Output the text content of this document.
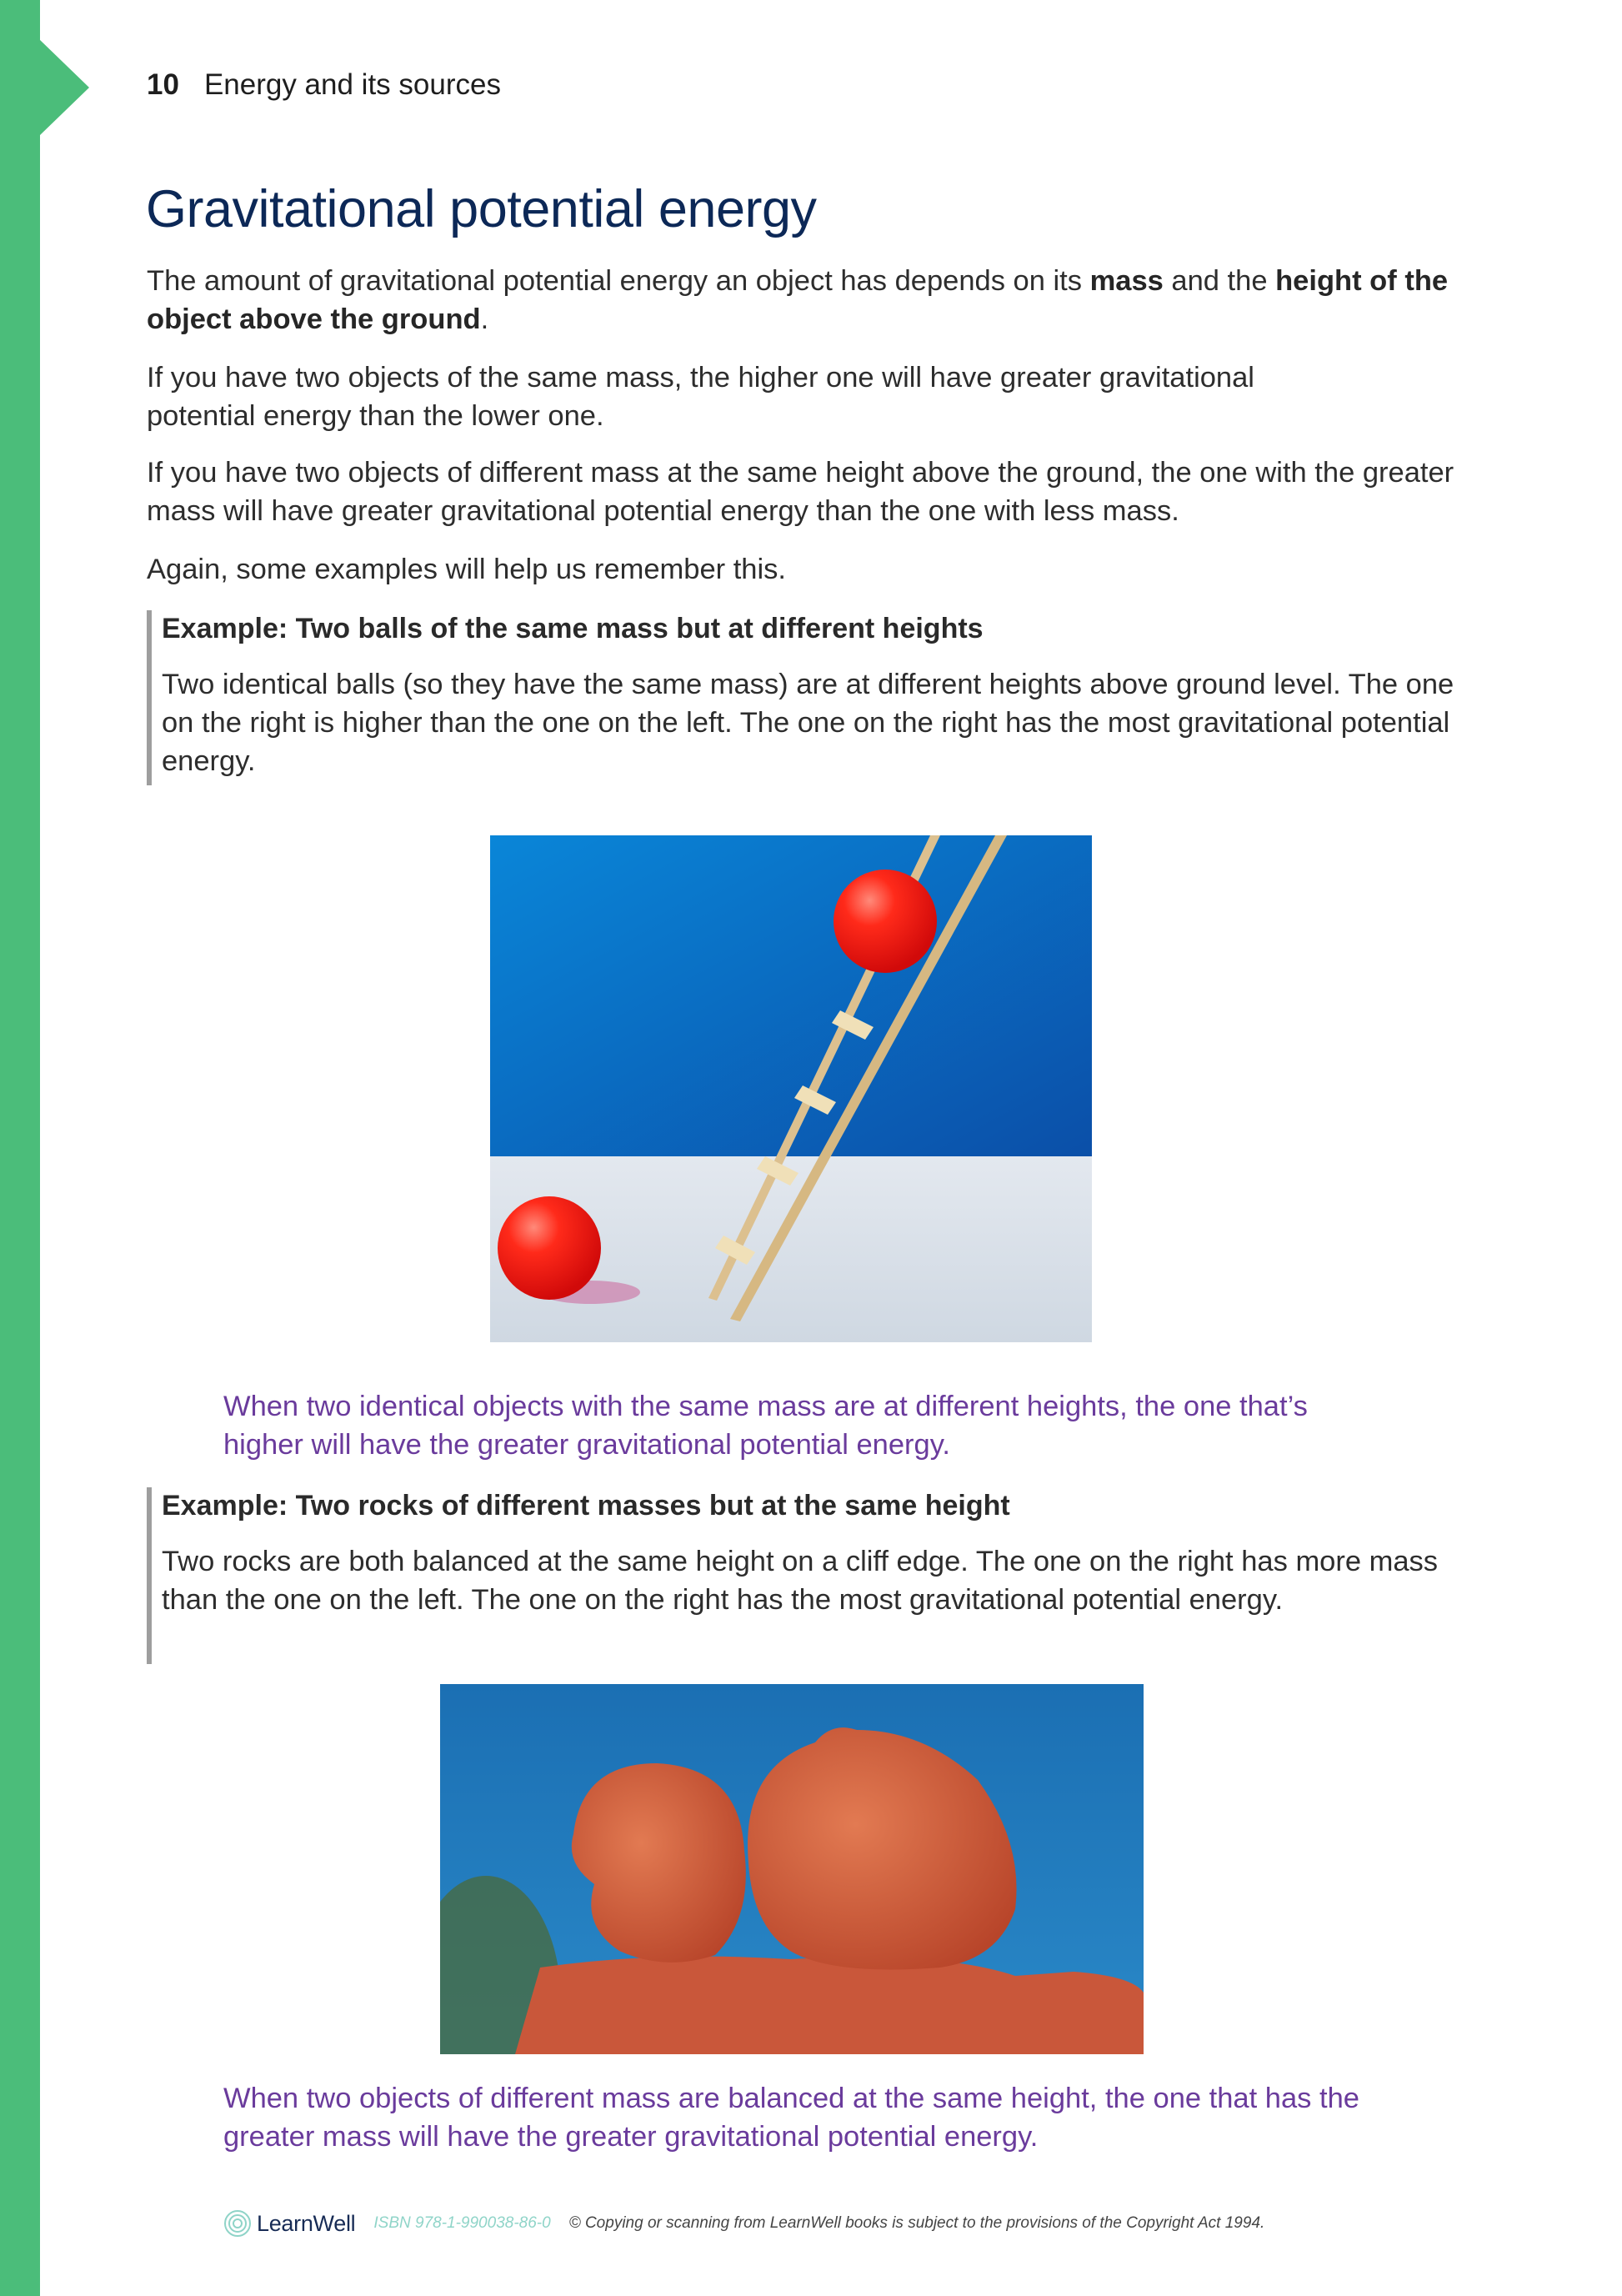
10 Energy and its sources
Gravitational potential energy

The amount of gravitational potential energy an object has depends on its mass and the height of the object above the ground.

If you have two objects of the same mass, the higher one will have greater gravitational potential energy than the lower one.

If you have two objects of different mass at the same height above the ground, the one with the greater mass will have greater gravitational potential energy than the one with less mass.

Again, some examples will help us remember this.

Example: Two balls of the same mass but at different heights

Two identical balls (so they have the same mass) are at different heights above ground level. The one on the right is higher than the one on the left. The one on the right has the most gravitational potential energy.

When two identical objects with the same mass are at different heights, the one that’s higher will have the greater gravitational potential energy.

Example: Two rocks of different masses but at the same height

Two rocks are both balanced at the same height on a cliff edge. The one on the right has more mass than the one on the left. The one on the right has the most gravitational potential energy.

When two objects of different mass are balanced at the same height, the one that has the greater mass will have the greater gravitational potential energy.

LearnWell ISBN 978-1-990038-86-0 © Copying or scanning from LearnWell books is subject to the provisions of the Copyright Act 1994.
